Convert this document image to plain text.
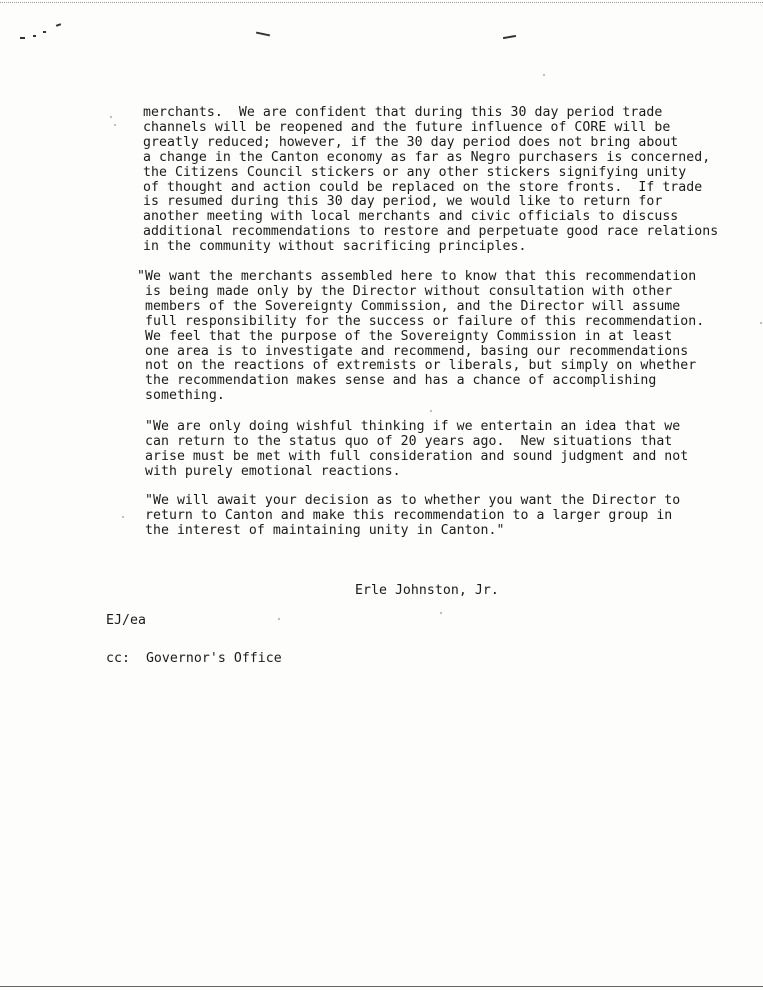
merchants.  We are confident that during this 30 day period trade
channels will be reopened and the future influence of CORE will be
greatly reduced; however, if the 30 day period does not bring about
a change in the Canton economy as far as Negro purchasers is concerned,
the Citizens Council stickers or any other stickers signifying unity
of thought and action could be replaced on the store fronts.  If trade
is resumed during this 30 day period, we would like to return for
another meeting with local merchants and civic officials to discuss
additional recommendations to restore and perpetuate good race relations
in the community without sacrificing principles.
"We want the merchants assembled here to know that this recommendation
is being made only by the Director without consultation with other
members of the Sovereignty Commission, and the Director will assume
full responsibility for the success or failure of this recommendation.
We feel that the purpose of the Sovereignty Commission in at least
one area is to investigate and recommend, basing our recommendations
not on the reactions of extremists or liberals, but simply on whether
the recommendation makes sense and has a chance of accomplishing
something.
"We are only doing wishful thinking if we entertain an idea that we
can return to the status quo of 20 years ago.  New situations that
arise must be met with full consideration and sound judgment and not
with purely emotional reactions.
"We will await your decision as to whether you want the Director to
return to Canton and make this recommendation to a larger group in
the interest of maintaining unity in Canton."
Erle Johnston, Jr.
EJ/ea
cc:  Governor's Office
